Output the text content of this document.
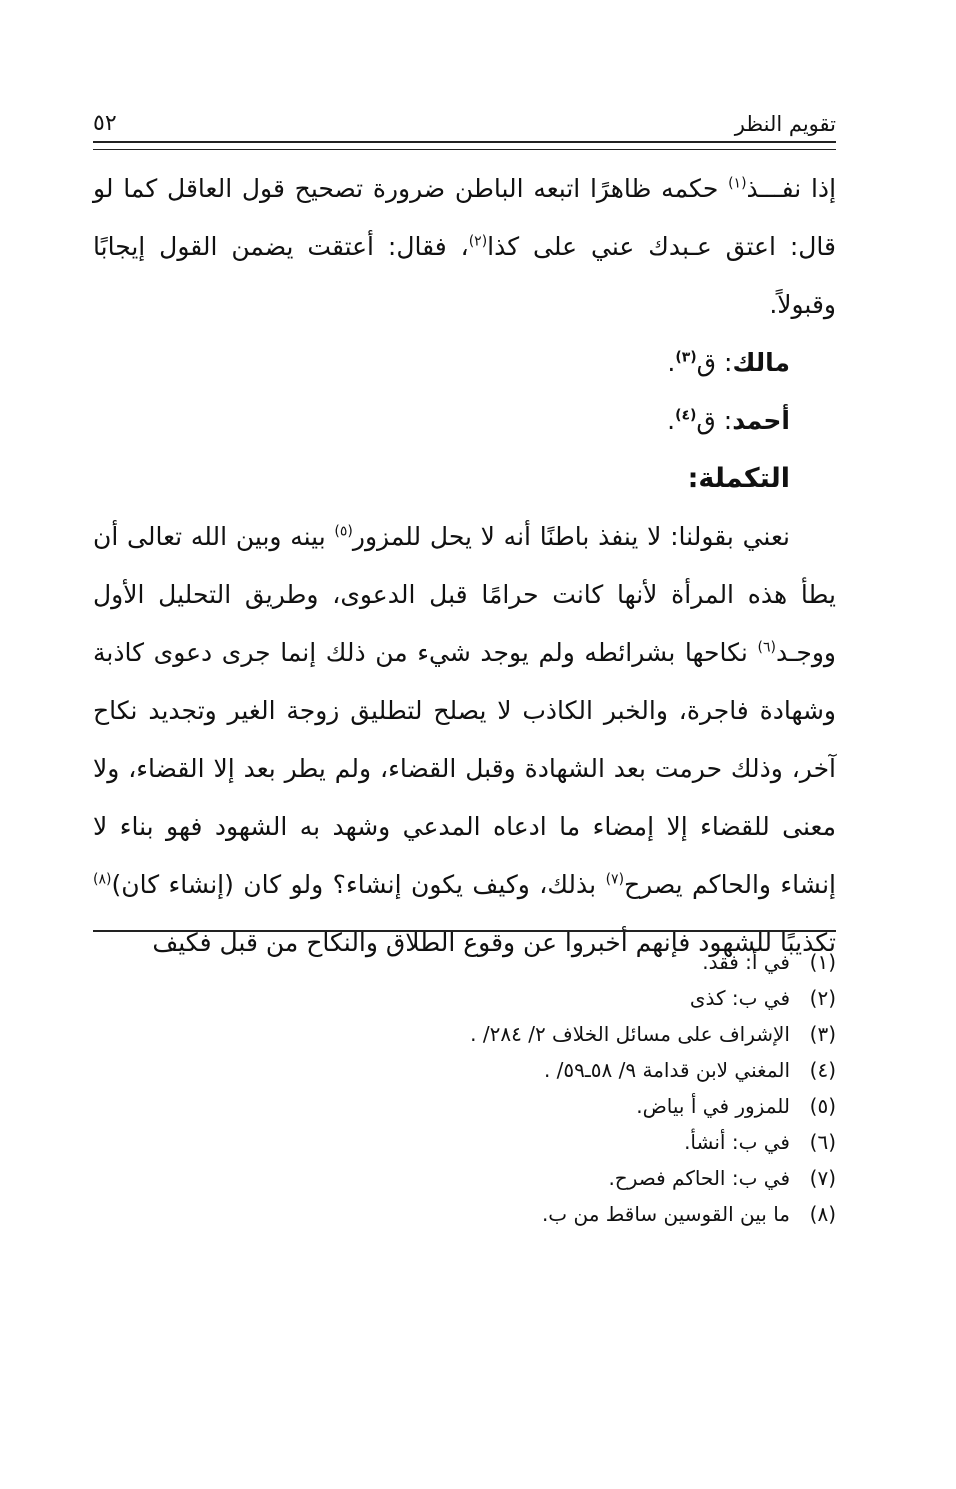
تقويم النظر
٥٢

إذا نفـــذ$^{(١)}$ حكمه ظاهرًا اتبعه الباطن ضرورة تصحيح قول العاقل كما لو قال: اعتق عـبدك عني على كذا$^{(٢)}$، فقال: أعتقت يضمن القول إيجابًا وقبولاً.

مالك: ق$^{(٣)}$.

أحمد: ق$^{(٤)}$.

التكملة:

نعني بقولنا: لا ينفذ باطنًا أنه لا يحل للمزور$^{(٥)}$ بينه وبين الله تعالى أن يطأ هذه المرأة لأنها كانت حرامًا قبل الدعوى، وطريق التحليل الأول ووجـد$^{(٦)}$ نكاحها بشرائطه ولم يوجد شيء من ذلك إنما جرى دعوى كاذبة وشهادة فاجرة، والخبر الكاذب لا يصلح لتطليق زوجة الغير وتجديد نكاح آخر، وذلك حرمت بعد الشهادة وقبل القضاء، ولم يطر بعد إلا القضاء، ولا معنى للقضاء إلا إمضاء ما ادعاه المدعي وشهد به الشهود فهو بناء لا إنشاء والحاكم يصرح$^{(٧)}$ بذلك، وكيف يكون إنشاء؟ ولو كان (إنشاء كان)$^{(٨)}$ تكذيبًا للشهود فإنهم أخبروا عن وقوع الطلاق والنكاح من قبل فكيف

(١)في أ: فقد.
(٢)في ب: كذى
(٣)الإشراف على مسائل الخلاف ٢/ ٢٨٤/ .
(٤)المغني لابن قدامة ٩/ ٥٨ـ٥٩/ .
(٥)للمزور في أ بياض.
(٦)في ب: أنشأ.
(٧)في ب: الحاكم فصرح.
(٨)ما بين القوسين ساقط من ب.
